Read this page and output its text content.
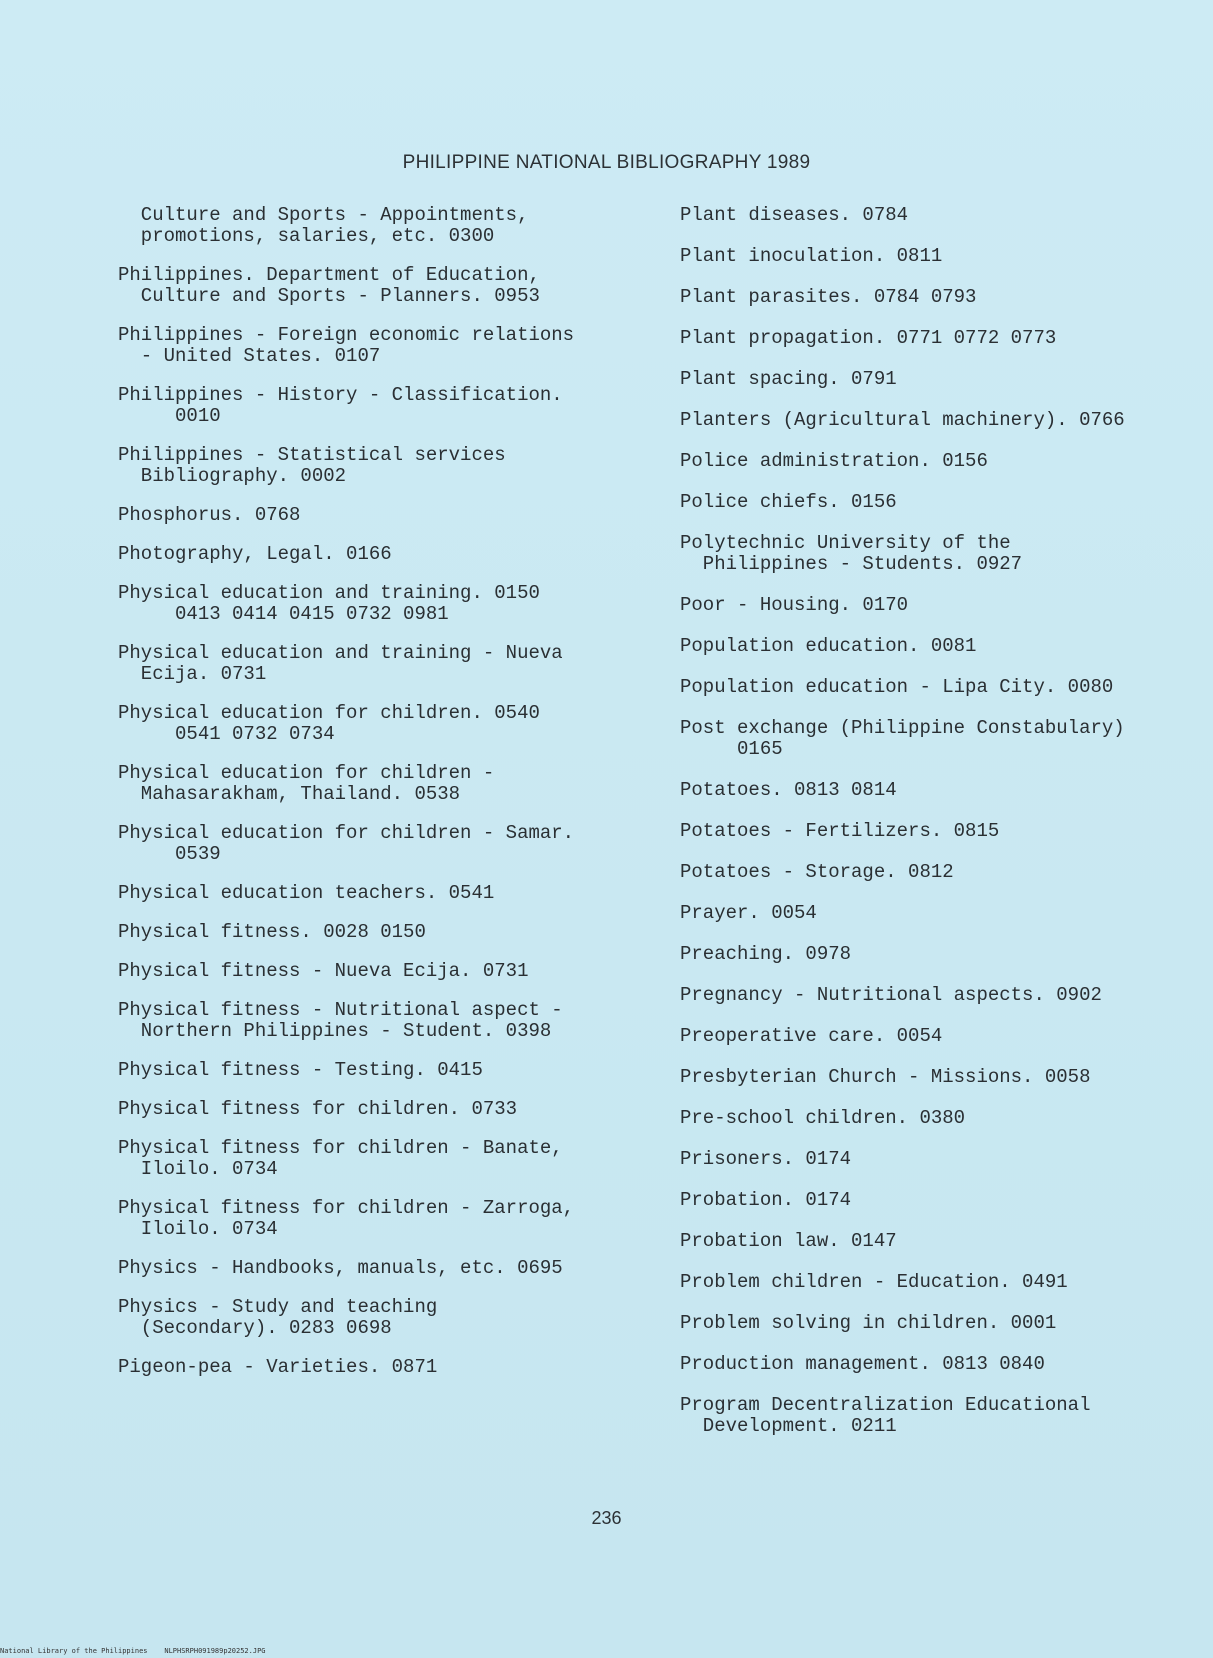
PHILIPPINE NATIONAL BIBLIOGRAPHY 1989

Culture and Sports - Appointments,
promotions, salaries, etc. 0300

Philippines. Department of Education,
Culture and Sports - Planners. 0953

Philippines - Foreign economic relations
- United States. 0107

Philippines - History - Classification.
0010

Philippines - Statistical services
Bibliography. 0002

Phosphorus. 0768

Photography, Legal. 0166

Physical education and training. 0150
0413 0414 0415 0732 0981

Physical education and training - Nueva
Ecija. 0731

Physical education for children. 0540
0541 0732 0734

Physical education for children -
Mahasarakham, Thailand. 0538

Physical education for children - Samar.
0539

Physical education teachers. 0541

Physical fitness. 0028 0150

Physical fitness - Nueva Ecija. 0731

Physical fitness - Nutritional aspect -
Northern Philippines - Student. 0398

Physical fitness - Testing. 0415

Physical fitness for children. 0733

Physical fitness for children - Banate,
Iloilo. 0734

Physical fitness for children - Zarroga,
Iloilo. 0734

Physics - Handbooks, manuals, etc. 0695

Physics - Study and teaching
(Secondary). 0283 0698

Pigeon-pea - Varieties. 0871

Plant diseases. 0784

Plant inoculation. 0811

Plant parasites. 0784 0793

Plant propagation. 0771 0772 0773

Plant spacing. 0791

Planters (Agricultural machinery). 0766

Police administration. 0156

Police chiefs. 0156

Polytechnic University of the
Philippines - Students. 0927

Poor - Housing. 0170

Population education. 0081

Population education - Lipa City. 0080

Post exchange (Philippine Constabulary)
0165

Potatoes. 0813 0814

Potatoes - Fertilizers. 0815

Potatoes - Storage. 0812

Prayer. 0054

Preaching. 0978

Pregnancy - Nutritional aspects. 0902

Preoperative care. 0054

Presbyterian Church - Missions. 0058

Pre-school children. 0380

Prisoners. 0174

Probation. 0174

Probation law. 0147

Problem children - Education. 0491

Problem solving in children. 0001

Production management. 0813 0840

Program Decentralization Educational
Development. 0211

236
National Library of the Philippines    NLPHSRPH091989p20252.JPG
